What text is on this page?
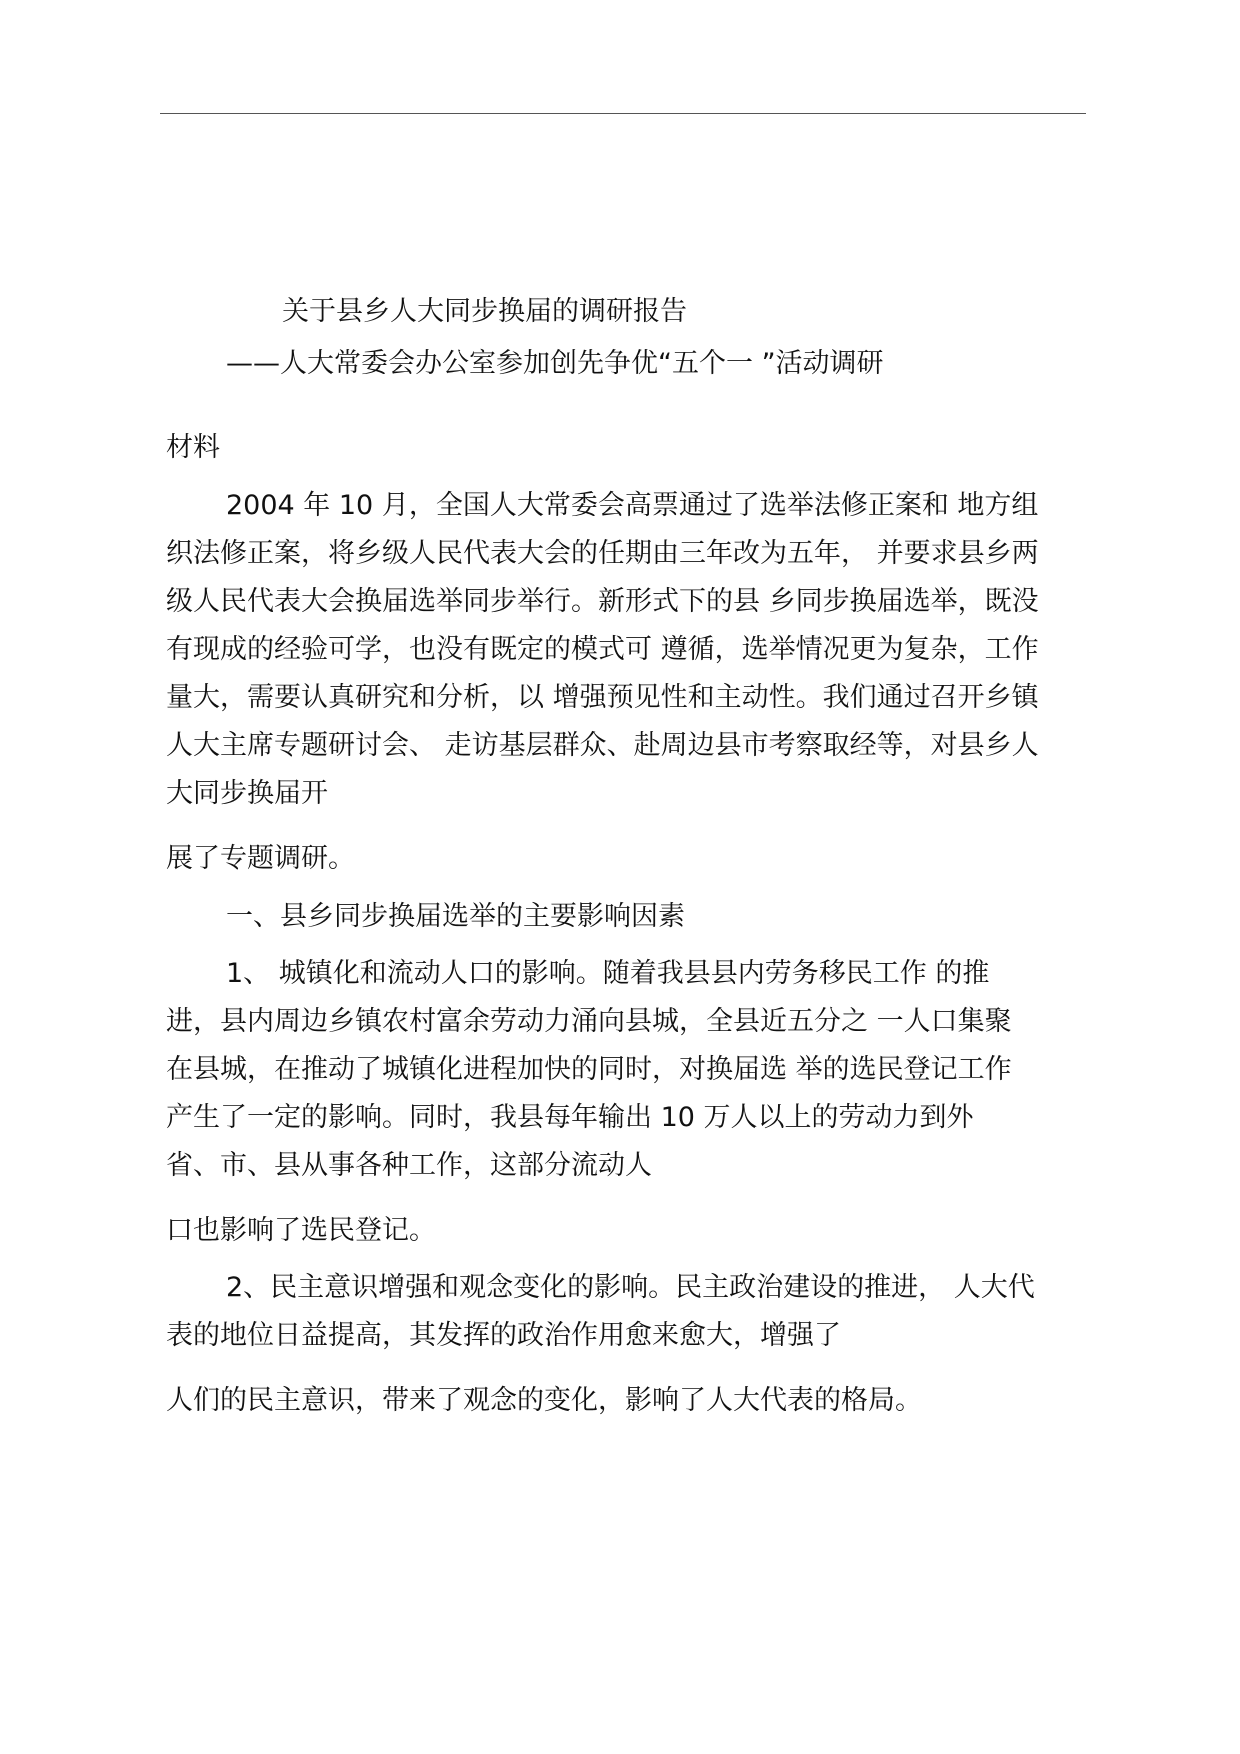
关于县乡人大同步换届的调研报告

——人大常委会办公室参加创先争优“五个一 ”活动调研

材料

2004 年 10 月，全国人大常委会高票通过了选举法修正案和 地方组

织法修正案，将乡级人民代表大会的任期由三年改为五年， 并要求县乡两

级人民代表大会换届选举同步举行。新形式下的县 乡同步换届选举，既没

有现成的经验可学，也没有既定的模式可 遵循，选举情况更为复杂，工作

量大，需要认真研究和分析，以 增强预见性和主动性。我们通过召开乡镇

人大主席专题研讨会、 走访基层群众、赴周边县市考察取经等，对县乡人

大同步换届开

展了专题调研。

一、县乡同步换届选举的主要影响因素

1、 城镇化和流动人口的影响。随着我县县内劳务移民工作 的推

进，县内周边乡镇农村富余劳动力涌向县城，全县近五分之 一人口集聚

在县城，在推动了城镇化进程加快的同时，对换届选 举的选民登记工作

产生了一定的影响。同时，我县每年输出 10 万人以上的劳动力到外

省、市、县从事各种工作，这部分流动人

口也影响了选民登记。

2、民主意识增强和观念变化的影响。民主政治建设的推进， 人大代

表的地位日益提高，其发挥的政治作用愈来愈大，增强了

人们的民主意识，带来了观念的变化，影响了人大代表的格局。
